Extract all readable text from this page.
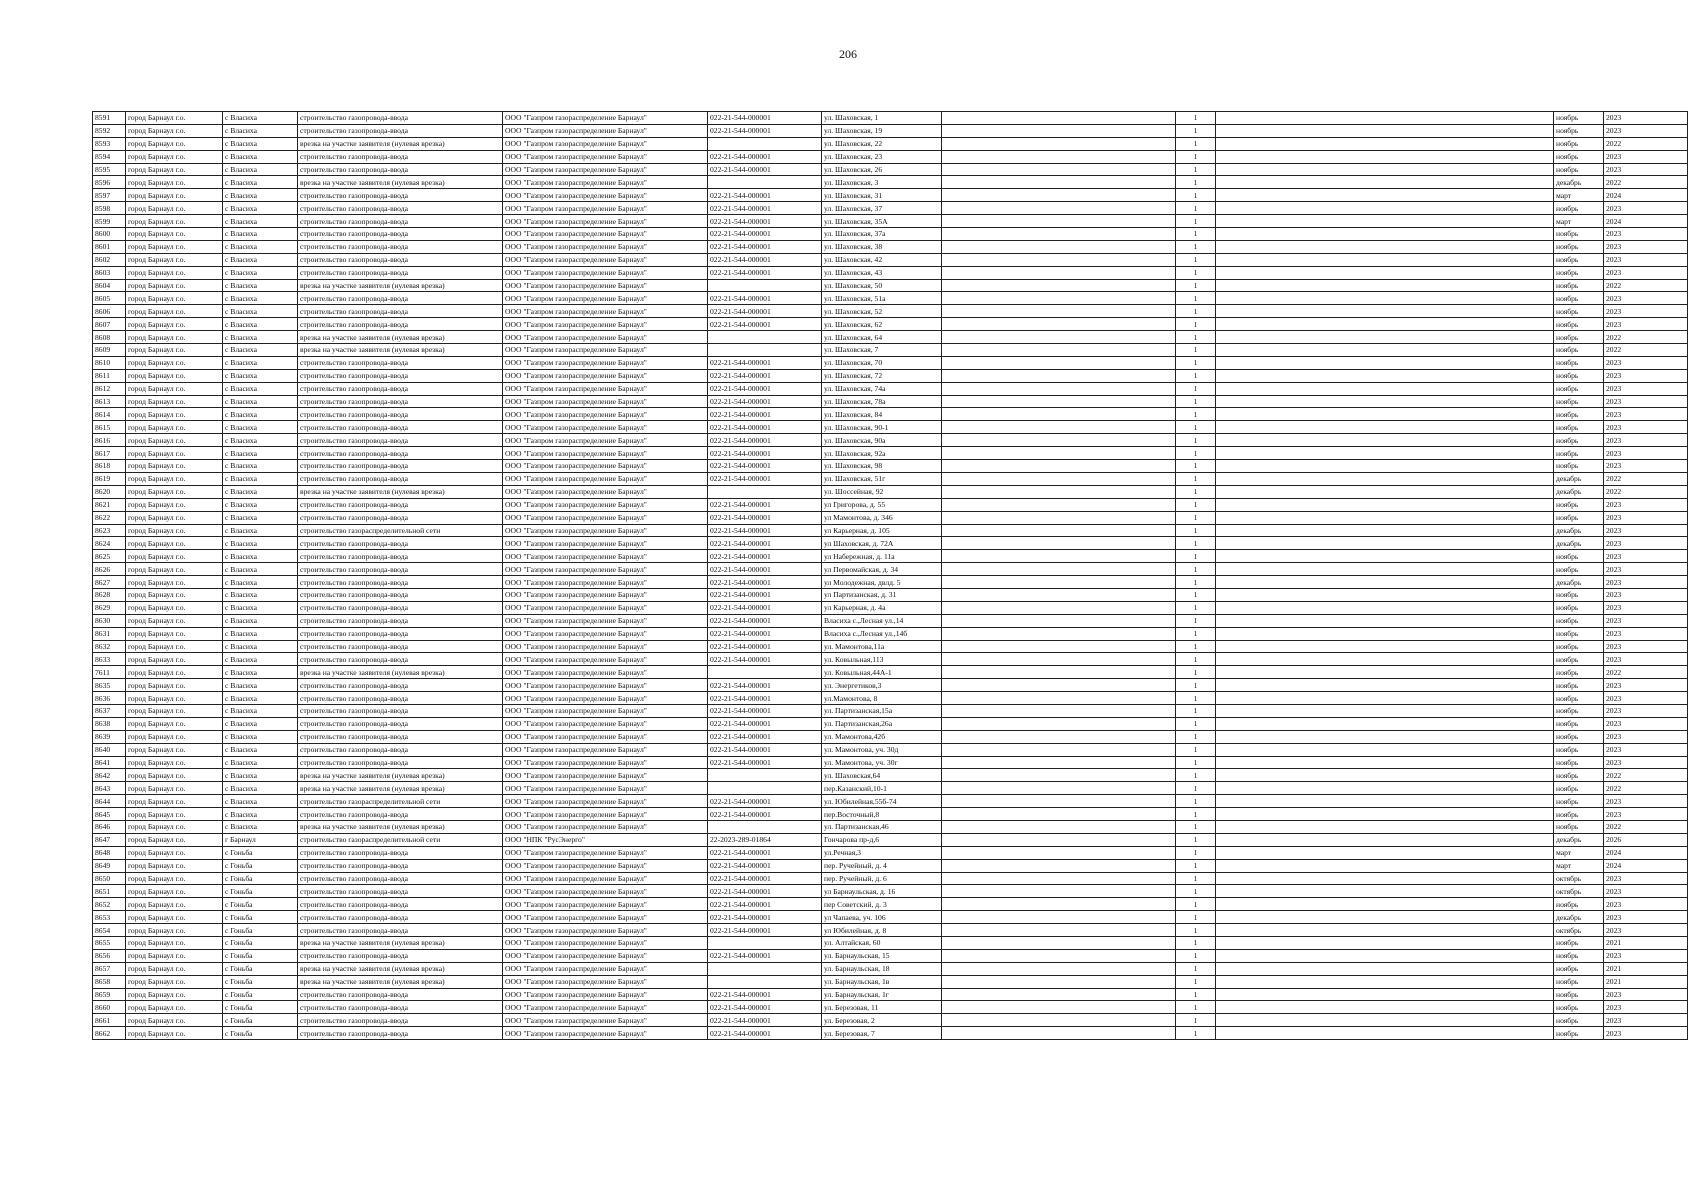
206
8591	город Барнаул г.о.	с Власиха	строительство газопровода-ввода	ООО "Газпром газораспределение Барнаул"	022-21-544-000001	ул. Шаховская, 1		1		ноябрь	2023
8592	город Барнаул г.о.	с Власиха	строительство газопровода-ввода	ООО "Газпром газораспределение Барнаул"	022-21-544-000001	ул. Шаховская, 19		1		ноябрь	2023
8593	город Барнаул г.о.	с Власиха	врезка на участке заявителя (нулевая врезка)	ООО "Газпром газораспределение Барнаул"		ул. Шаховская, 22		1		ноябрь	2022
8594	город Барнаул г.о.	с Власиха	строительство газопровода-ввода	ООО "Газпром газораспределение Барнаул"	022-21-544-000001	ул. Шаховская, 23		1		ноябрь	2023
8595	город Барнаул г.о.	с Власиха	строительство газопровода-ввода	ООО "Газпром газораспределение Барнаул"	022-21-544-000001	ул. Шаховская, 26		1		ноябрь	2023
8596	город Барнаул г.о.	с Власиха	врезка на участке заявителя (нулевая врезка)	ООО "Газпром газораспределение Барнаул"		ул. Шаховская, 3		1		декабрь	2022
8597	город Барнаул г.о.	с Власиха	строительство газопровода-ввода	ООО "Газпром газораспределение Барнаул"	022-21-544-000001	ул. Шаховская, 31		1		март	2024
8598	город Барнаул г.о.	с Власиха	строительство газопровода-ввода	ООО "Газпром газораспределение Барнаул"	022-21-544-000001	ул. Шаховская, 37		1		ноябрь	2023
8599	город Барнаул г.о.	с Власиха	строительство газопровода-ввода	ООО "Газпром газораспределение Барнаул"	022-21-544-000001	ул. Шаховская, 35А		1		март	2024
8600	город Барнаул г.о.	с Власиха	строительство газопровода-ввода	ООО "Газпром газораспределение Барнаул"	022-21-544-000001	ул. Шаховская, 37а		1		ноябрь	2023
8601	город Барнаул г.о.	с Власиха	строительство газопровода-ввода	ООО "Газпром газораспределение Барнаул"	022-21-544-000001	ул. Шаховская, 38		1		ноябрь	2023
8602	город Барнаул г.о.	с Власиха	строительство газопровода-ввода	ООО "Газпром газораспределение Барнаул"	022-21-544-000001	ул. Шаховская, 42		1		ноябрь	2023
8603	город Барнаул г.о.	с Власиха	строительство газопровода-ввода	ООО "Газпром газораспределение Барнаул"	022-21-544-000001	ул. Шаховская, 43		1		ноябрь	2023
8604	город Барнаул г.о.	с Власиха	врезка на участке заявителя (нулевая врезка)	ООО "Газпром газораспределение Барнаул"		ул. Шаховская, 50		1		ноябрь	2022
8605	город Барнаул г.о.	с Власиха	строительство газопровода-ввода	ООО "Газпром газораспределение Барнаул"	022-21-544-000001	ул. Шаховская, 51а		1		ноябрь	2023
8606	город Барнаул г.о.	с Власиха	строительство газопровода-ввода	ООО "Газпром газораспределение Барнаул"	022-21-544-000001	ул. Шаховская, 52		1		ноябрь	2023
8607	город Барнаул г.о.	с Власиха	строительство газопровода-ввода	ООО "Газпром газораспределение Барнаул"	022-21-544-000001	ул. Шаховская, 62		1		ноябрь	2023
8608	город Барнаул г.о.	с Власиха	врезка на участке заявителя (нулевая врезка)	ООО "Газпром газораспределение Барнаул"		ул. Шаховская, 64		1		ноябрь	2022
8609	город Барнаул г.о.	с Власиха	врезка на участке заявителя (нулевая врезка)	ООО "Газпром газораспределение Барнаул"		ул. Шаховская, 7		1		ноябрь	2022
8610	город Барнаул г.о.	с Власиха	строительство газопровода-ввода	ООО "Газпром газораспределение Барнаул"	022-21-544-000001	ул. Шаховская, 70		1		ноябрь	2023
8611	город Барнаул г.о.	с Власиха	строительство газопровода-ввода	ООО "Газпром газораспределение Барнаул"	022-21-544-000001	ул. Шаховская, 72		1		ноябрь	2023
8612	город Барнаул г.о.	с Власиха	строительство газопровода-ввода	ООО "Газпром газораспределение Барнаул"	022-21-544-000001	ул. Шаховская, 74а		1		ноябрь	2023
8613	город Барнаул г.о.	с Власиха	строительство газопровода-ввода	ООО "Газпром газораспределение Барнаул"	022-21-544-000001	ул. Шаховская, 78а		1		ноябрь	2023
8614	город Барнаул г.о.	с Власиха	строительство газопровода-ввода	ООО "Газпром газораспределение Барнаул"	022-21-544-000001	ул. Шаховская, 84		1		ноябрь	2023
8615	город Барнаул г.о.	с Власиха	строительство газопровода-ввода	ООО "Газпром газораспределение Барнаул"	022-21-544-000001	ул. Шаховская, 90-1		1		ноябрь	2023
8616	город Барнаул г.о.	с Власиха	строительство газопровода-ввода	ООО "Газпром газораспределение Барнаул"	022-21-544-000001	ул. Шаховская, 90а		1		ноябрь	2023
8617	город Барнаул г.о.	с Власиха	строительство газопровода-ввода	ООО "Газпром газораспределение Барнаул"	022-21-544-000001	ул. Шаховская, 92а		1		ноябрь	2023
8618	город Барнаул г.о.	с Власиха	строительство газопровода-ввода	ООО "Газпром газораспределение Барнаул"	022-21-544-000001	ул. Шаховская, 98		1		ноябрь	2023
8619	город Барнаул г.о.	с Власиха	строительство газопровода-ввода	ООО "Газпром газораспределение Барнаул"	022-21-544-000001	ул. Шаховская, 51г		1		декабрь	2022
8620	город Барнаул г.о.	с Власиха	врезка на участке заявителя (нулевая врезка)	ООО "Газпром газораспределение Барнаул"		ул. Шоссейная, 92		1		декабрь	2022
8621	город Барнаул г.о.	с Власиха	строительство газопровода-ввода	ООО "Газпром газораспределение Барнаул"	022-21-544-000001	ул Григорова, д. 55		1		ноябрь	2023
8622	город Барнаул г.о.	с Власиха	строительство газопровода-ввода	ООО "Газпром газораспределение Барнаул"	022-21-544-000001	ул Мамонтова, д. 346		1		ноябрь	2023
8623	город Барнаул г.о.	с Власиха	строительство газораспределительной сети	ООО "Газпром газораспределение Барнаул"	022-21-544-000001	ул Карьерная, д. 105		1		декабрь	2023
8624	город Барнаул г.о.	с Власиха	строительство газопровода-ввода	ООО "Газпром газораспределение Барнаул"	022-21-544-000001	ул Шаховская, д. 72А		1		декабрь	2023
8625	город Барнаул г.о.	с Власиха	строительство газопровода-ввода	ООО "Газпром газораспределение Барнаул"	022-21-544-000001	ул Набережная, д. 11а		1		ноябрь	2023
8626	город Барнаул г.о.	с Власиха	строительство газопровода-ввода	ООО "Газпром газораспределение Барнаул"	022-21-544-000001	ул Первомайская, д. 34		1		ноябрь	2023
8627	город Барнаул г.о.	с Власиха	строительство газопровода-ввода	ООО "Газпром газораспределение Барнаул"	022-21-544-000001	ул Молодежная, двлд. 5		1		декабрь	2023
8628	город Барнаул г.о.	с Власиха	строительство газопровода-ввода	ООО "Газпром газораспределение Барнаул"	022-21-544-000001	ул Партизанская, д. 31		1		ноябрь	2023
8629	город Барнаул г.о.	с Власиха	строительство газопровода-ввода	ООО "Газпром газораспределение Барнаул"	022-21-544-000001	ул Карьерная, д. 4а		1		ноябрь	2023
8630	город Барнаул г.о.	с Власиха	строительство газопровода-ввода	ООО "Газпром газораспределение Барнаул"	022-21-544-000001	Власиха с.,Лесная ул.,14		1		ноябрь	2023
8631	город Барнаул г.о.	с Власиха	строительство газопровода-ввода	ООО "Газпром газораспределение Барнаул"	022-21-544-000001	Власиха с.,Лесная ул.,14б		1		ноябрь	2023
8632	город Барнаул г.о.	с Власиха	строительство газопровода-ввода	ООО "Газпром газораспределение Барнаул"	022-21-544-000001	ул. Мамонтова,11а		1		ноябрь	2023
8633	город Барнаул г.о.	с Власиха	строительство газопровода-ввода	ООО "Газпром газораспределение Барнаул"	022-21-544-000001	ул. Ковыльная,113		1		ноябрь	2023
7611	город Барнаул г.о.	с Власиха	врезка на участке заявителя (нулевая врезка)	ООО "Газпром газораспределение Барнаул"		ул. Ковыльная,44А-1		1		ноябрь	2022
8635	город Барнаул г.о.	с Власиха	строительство газопровода-ввода	ООО "Газпром газораспределение Барнаул"	022-21-544-000001	ул. Энергетиков,3		1		ноябрь	2023
8636	город Барнаул г.о.	с Власиха	строительство газопровода-ввода	ООО "Газпром газораспределение Барнаул"	022-21-544-000001	ул.Мамонтова, 8		1		ноябрь	2023
8637	город Барнаул г.о.	с Власиха	строительство газопровода-ввода	ООО "Газпром газораспределение Барнаул"	022-21-544-000001	ул. Партизанская,15а		1		ноябрь	2023
8638	город Барнаул г.о.	с Власиха	строительство газопровода-ввода	ООО "Газпром газораспределение Барнаул"	022-21-544-000001	ул. Партизанская,26а		1		ноябрь	2023
8639	город Барнаул г.о.	с Власиха	строительство газопровода-ввода	ООО "Газпром газораспределение Барнаул"	022-21-544-000001	ул. Мамонтова,42б		1		ноябрь	2023
8640	город Барнаул г.о.	с Власиха	строительство газопровода-ввода	ООО "Газпром газораспределение Барнаул"	022-21-544-000001	ул. Мамонтова, уч. 30д		1		ноябрь	2023
8641	город Барнаул г.о.	с Власиха	строительство газопровода-ввода	ООО "Газпром газораспределение Барнаул"	022-21-544-000001	ул. Мамонтова, уч. 30г		1		ноябрь	2023
8642	город Барнаул г.о.	с Власиха	врезка на участке заявителя (нулевая врезка)	ООО "Газпром газораспределение Барнаул"		ул. Шаховская,64		1		ноябрь	2022
8643	город Барнаул г.о.	с Власиха	врезка на участке заявителя (нулевая врезка)	ООО "Газпром газораспределение Барнаул"		пер.Казанский,10-1		1		ноябрь	2022
8644	город Барнаул г.о.	с Власиха	строительство газораспределительной сети	ООО "Газпром газораспределение Барнаул"	022-21-544-000001	ул. Юбилейная,55б-74		1		ноябрь	2023
8645	город Барнаул г.о.	с Власиха	строительство газопровода-ввода	ООО "Газпром газораспределение Барнаул"	022-21-544-000001	пер.Восточный,8		1		ноябрь	2023
8646	город Барнаул г.о.	с Власиха	врезка на участке заявителя (нулевая врезка)	ООО "Газпром газораспределение Барнаул"		ул. Партизанская,46		1		ноябрь	2022
8647	город Барнаул г.о.	г Барнаул	строительство газораспределительной сети	ООО "НПК "РусЭнерго"	22-2023-289-01864	Гончарова пр-д,6		1		декабрь	2026
8648	город Барнаул г.о.	с Гоньба	строительство газопровода-ввода	ООО "Газпром газораспределение Барнаул"	022-21-544-000001	ул.Речная,3		1		март	2024
8649	город Барнаул г.о.	с Гоньба	строительство газопровода-ввода	ООО "Газпром газораспределение Барнаул"	022-21-544-000001	пер. Ручейный, д. 4		1		март	2024
8650	город Барнаул г.о.	с Гоньба	строительство газопровода-ввода	ООО "Газпром газораспределение Барнаул"	022-21-544-000001	пер. Ручейный, д. 6		1		октябрь	2023
8651	город Барнаул г.о.	с Гоньба	строительство газопровода-ввода	ООО "Газпром газораспределение Барнаул"	022-21-544-000001	ул Барнаульская, д. 16		1		октябрь	2023
8652	город Барнаул г.о.	с Гоньба	строительство газопровода-ввода	ООО "Газпром газораспределение Барнаул"	022-21-544-000001	пер Советский, д. 3		1		ноябрь	2023
8653	город Барнаул г.о.	с Гоньба	строительство газопровода-ввода	ООО "Газпром газораспределение Барнаул"	022-21-544-000001	ул Чапаева, уч. 106		1		декабрь	2023
8654	город Барнаул г.о.	с Гоньба	строительство газопровода-ввода	ООО "Газпром газораспределение Барнаул"	022-21-544-000001	ул Юбилейная, д. 8		1		октябрь	2023
8655	город Барнаул г.о.	с Гоньба	врезка на участке заявителя (нулевая врезка)	ООО "Газпром газораспределение Барнаул"		ул. Алтайская, 60		1		ноябрь	2021
8656	город Барнаул г.о.	с Гоньба	строительство газопровода-ввода	ООО "Газпром газораспределение Барнаул"	022-21-544-000001	ул. Барнаульская, 15		1		ноябрь	2023
8657	город Барнаул г.о.	с Гоньба	врезка на участке заявителя (нулевая врезка)	ООО "Газпром газораспределение Барнаул"		ул. Барнаульская, 18		1		ноябрь	2021
8658	город Барнаул г.о.	с Гоньба	врезка на участке заявителя (нулевая врезка)	ООО "Газпром газораспределение Барнаул"		ул. Барнаульская, 1в		1		ноябрь	2021
8659	город Барнаул г.о.	с Гоньба	строительство газопровода-ввода	ООО "Газпром газораспределение Барнаул"	022-21-544-000001	ул. Барнаульская, 1г		1		ноябрь	2023
8660	город Барнаул г.о.	с Гоньба	строительство газопровода-ввода	ООО "Газпром газораспределение Барнаул"	022-21-544-000001	ул. Березовая, 11		1		ноябрь	2023
8661	город Барнаул г.о.	с Гоньба	строительство газопровода-ввода	ООО "Газпром газораспределение Барнаул"	022-21-544-000001	ул. Березовая, 2		1		ноябрь	2023
8662	город Барнаул г.о.	с Гоньба	строительство газопровода-ввода	ООО "Газпром газораспределение Барнаул"	022-21-544-000001	ул. Березовая, 7		1		ноябрь	2023
